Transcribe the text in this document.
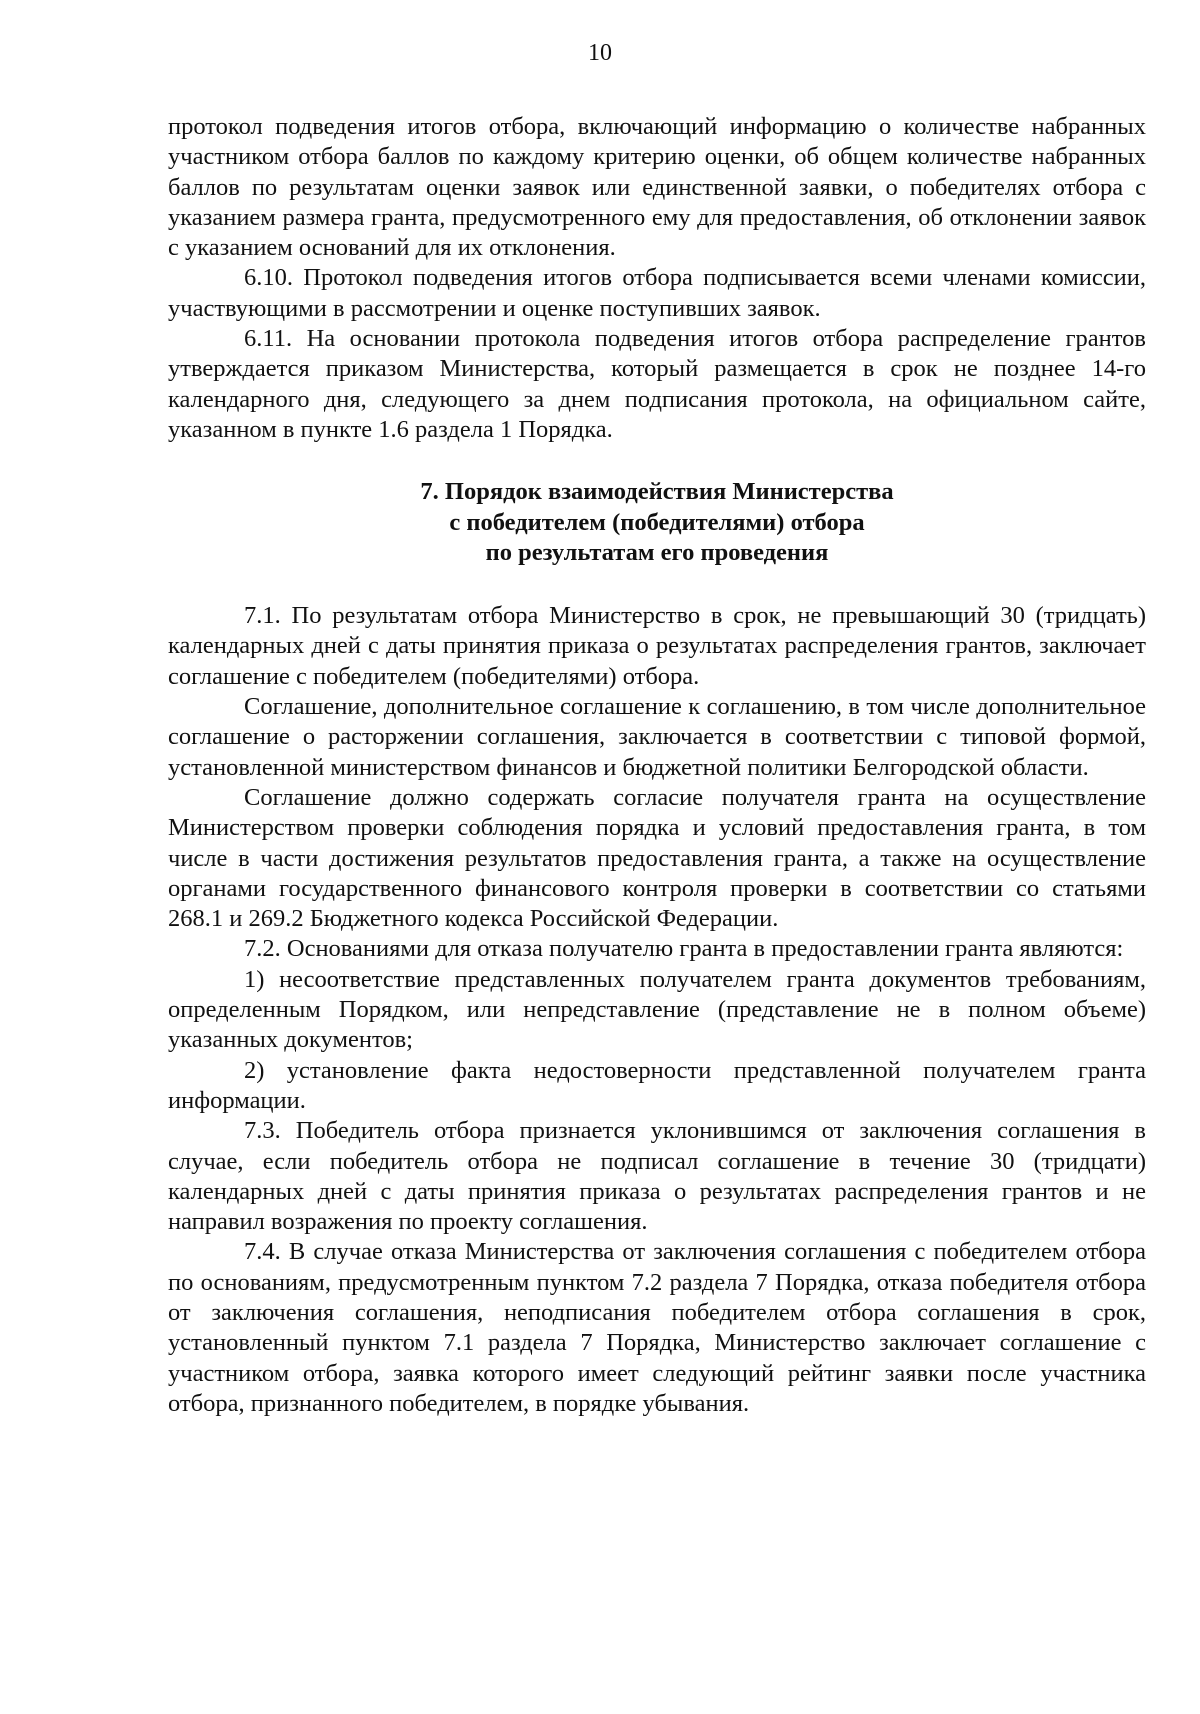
10

протокол подведения итогов отбора, включающий информацию о количестве набранных участником отбора баллов по каждому критерию оценки, об общем количестве набранных баллов по результатам оценки заявок или единственной заявки, о победителях отбора с указанием размера гранта, предусмотренного ему для предоставления, об отклонении заявок с указанием оснований для их отклонения.

6.10. Протокол подведения итогов отбора подписывается всеми членами комиссии, участвующими в рассмотрении и оценке поступивших заявок.

6.11. На основании протокола подведения итогов отбора распределение грантов утверждается приказом Министерства, который размещается в срок не позднее 14-го календарного дня, следующего за днем подписания протокола, на официальном сайте, указанном в пункте 1.6 раздела 1 Порядка.

7. Порядок взаимодействия Министерства
с победителем (победителями) отбора
по результатам его проведения

7.1. По результатам отбора Министерство в срок, не превышающий 30 (тридцать) календарных дней с даты принятия приказа о результатах распределения грантов, заключает соглашение с победителем (победителями) отбора.

Соглашение, дополнительное соглашение к соглашению, в том числе дополнительное соглашение о расторжении соглашения, заключается в соответствии с типовой формой, установленной министерством финансов и бюджетной политики Белгородской области.

Соглашение должно содержать согласие получателя гранта на осуществление Министерством проверки соблюдения порядка и условий предоставления гранта, в том числе в части достижения результатов предоставления гранта, а также на осуществление органами государственного финансового контроля проверки в соответствии со статьями 268.1 и 269.2 Бюджетного кодекса Российской Федерации.

7.2. Основаниями для отказа получателю гранта в предоставлении гранта являются:

1) несоответствие представленных получателем гранта документов требованиям, определенным Порядком, или непредставление (представление не в полном объеме) указанных документов;

2) установление факта недостоверности представленной получателем гранта информации.

7.3. Победитель отбора признается уклонившимся от заключения соглашения в случае, если победитель отбора не подписал соглашение в течение 30 (тридцати) календарных дней с даты принятия приказа о результатах распределения грантов и не направил возражения по проекту соглашения.

7.4. В случае отказа Министерства от заключения соглашения с победителем отбора по основаниям, предусмотренным пунктом 7.2 раздела 7 Порядка, отказа победителя отбора от заключения соглашения, неподписания победителем отбора соглашения в срок, установленный пунктом 7.1 раздела 7 Порядка, Министерство заключает соглашение с участником отбора, заявка которого имеет следующий рейтинг заявки после участника отбора, признанного победителем, в порядке убывания.
